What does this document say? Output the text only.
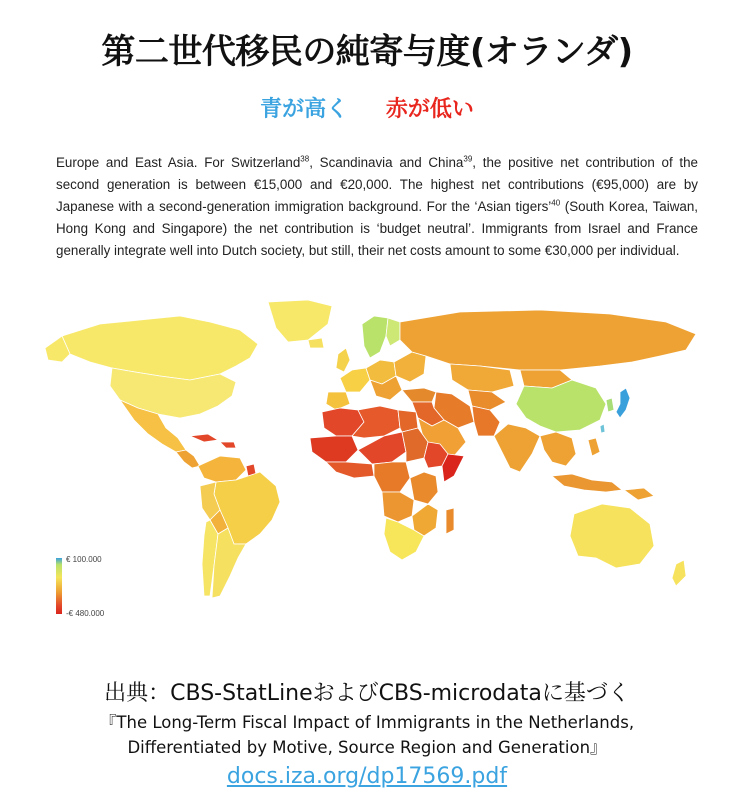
第二世代移民の純寄与度(オランダ)
青が高く 赤が低い
Europe and East Asia. For Switzerland$^{38}$, Scandinavia and China$^{39}$, the positive net contribution of the second generation is between €15,000 and €20,000. The highest net contributions (€95,000) are by Japanese with a second-generation immigration background. For the ‘Asian tigers’$^{40}$ (South Korea, Taiwan, Hong Kong and Singapore) the net contribution is ‘budget neutral’. Immigrants from Israel and France generally integrate well into Dutch society, but still, their net costs amount to some €30,000 per individual.
€ 100.000
-€ 480.000
出典：CBS-StatLineおよびCBS-microdataに基づく
『The Long-Term Fiscal Impact of Immigrants in the Netherlands,
Differentiated by Motive, Source Region and Generation』
docs.iza.org/dp17569.pdf
